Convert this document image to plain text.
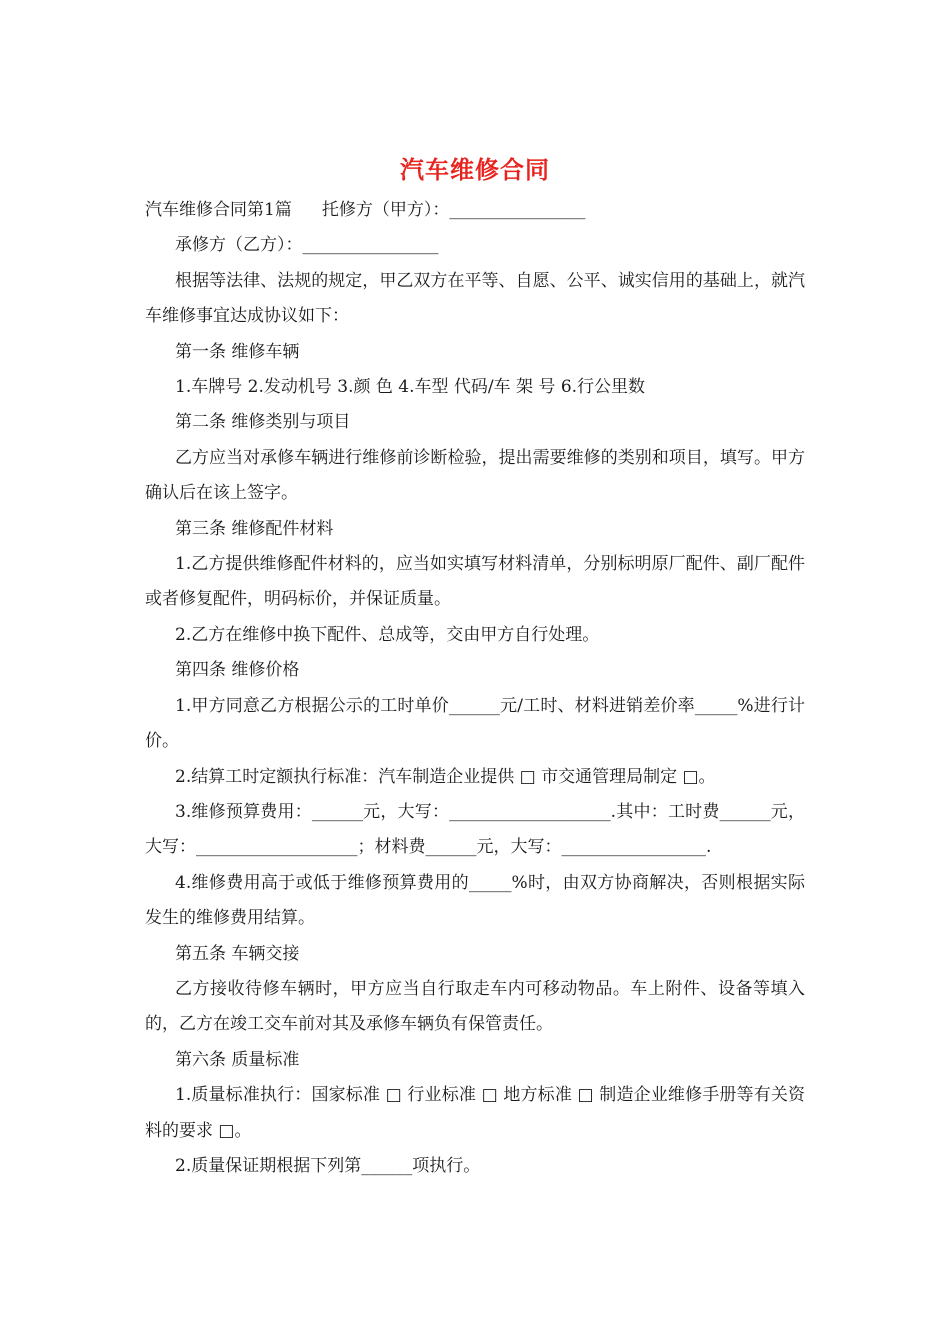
汽车维修合同

汽车维修合同第1篇 托修方（甲方）：________________

承修方（乙方）：________________

根据等法律、法规的规定，甲乙双方在平等、自愿、公平、诚实信用的基础上，就汽车维修事宜达成协议如下：

第一条 维修车辆

1.车牌号 2.发动机号 3.颜 色 4.车型 代码/车 架 号 6.行公里数

第二条 维修类别与项目

乙方应当对承修车辆进行维修前诊断检验，提出需要维修的类别和项目，填写。甲方确认后在该上签字。

第三条 维修配件材料

1.乙方提供维修配件材料的，应当如实填写材料清单，分别标明原厂配件、副厂配件或者修复配件，明码标价，并保证质量。

2.乙方在维修中换下配件、总成等，交由甲方自行处理。

第四条 维修价格

1.甲方同意乙方根据公示的工时单价______元/工时、材料进销差价率_____%进行计价。

2.结算工时定额执行标准：汽车制造企业提供 □ 市交通管理局制定 □。

3.维修预算费用：______元，大写：___________________.其中：工时费______元，大写：___________________；材料费______元，大写：_________________.

4.维修费用高于或低于维修预算费用的_____%时，由双方协商解决，否则根据实际发生的维修费用结算。

第五条 车辆交接

乙方接收待修车辆时，甲方应当自行取走车内可移动物品。车上附件、设备等填入的，乙方在竣工交车前对其及承修车辆负有保管责任。

第六条 质量标准

1.质量标准执行：国家标准 □ 行业标准 □ 地方标准 □ 制造企业维修手册等有关资料的要求 □。

2.质量保证期根据下列第______项执行。
